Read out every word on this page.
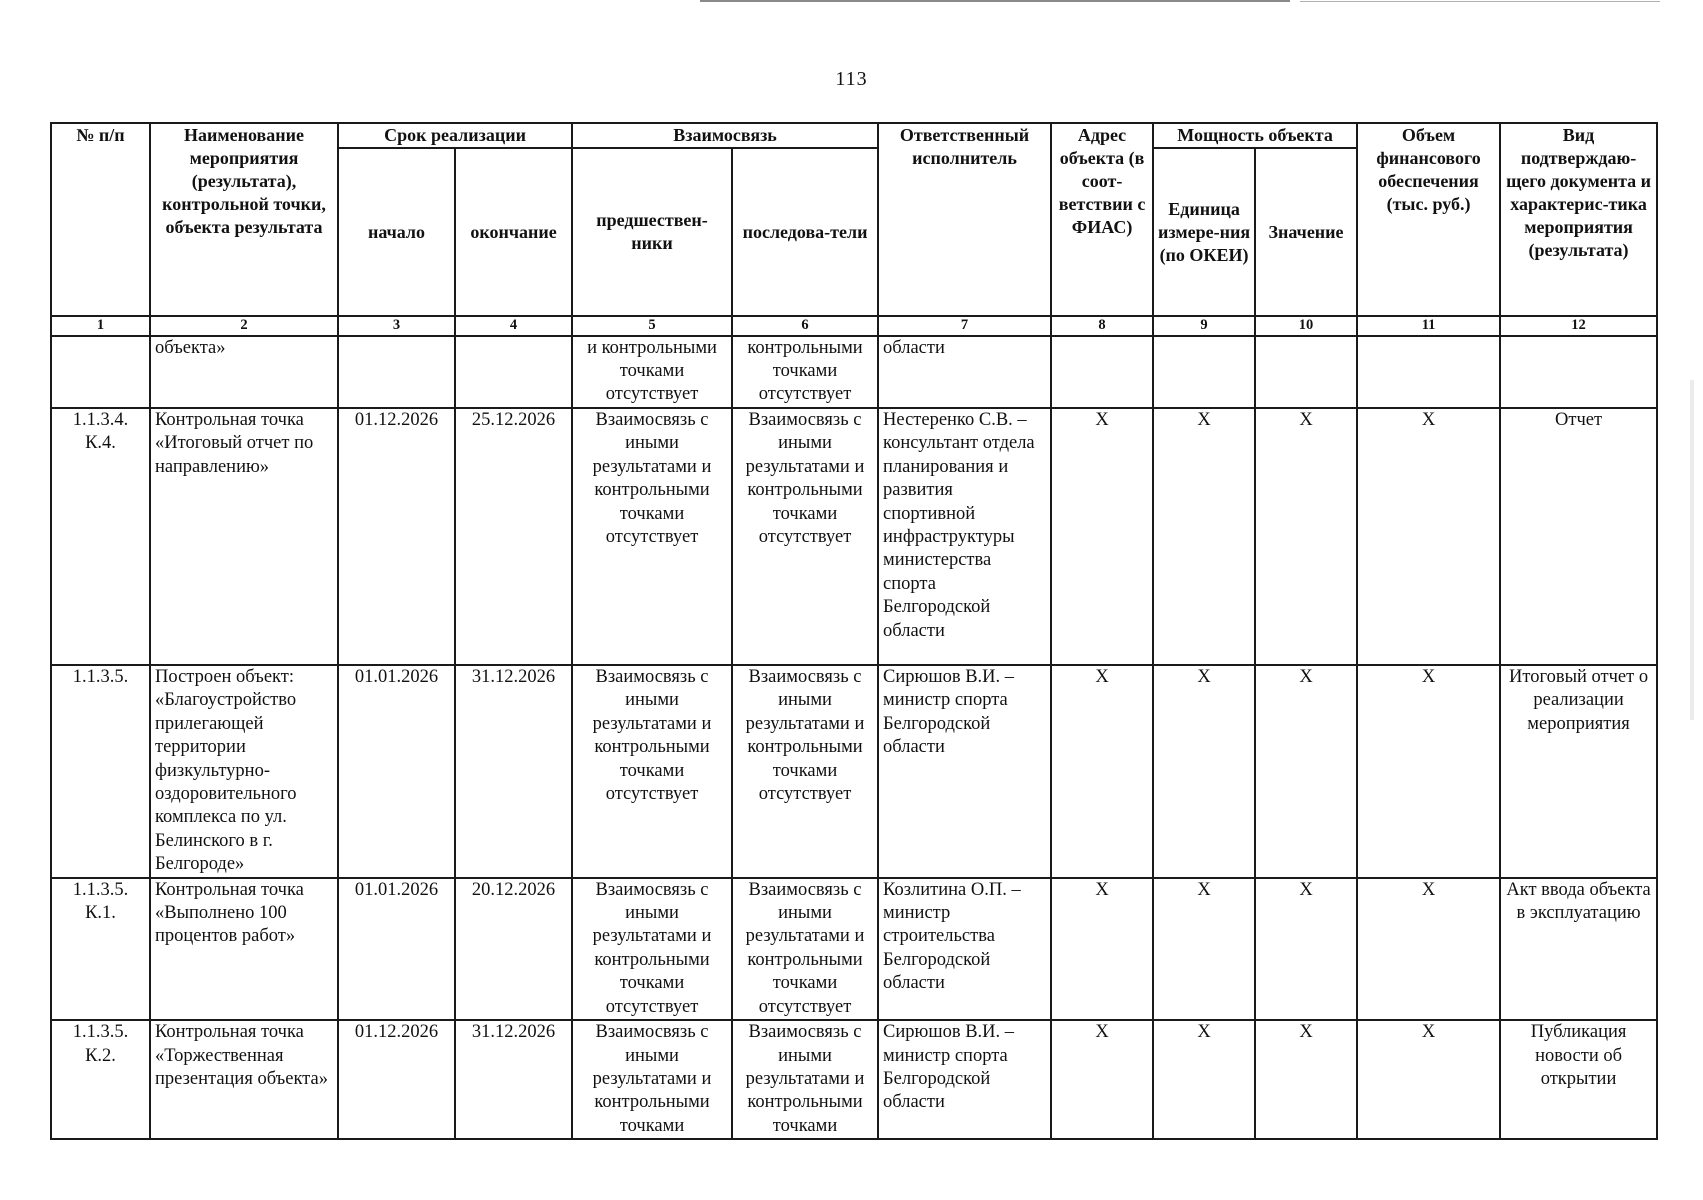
113
№ п/п	Наименование мероприятия (результата), контрольной точки, объекта результата	Срок реализации		Взаимосвязь		Ответственный исполнитель	Адрес объекта (в соот-ветствии с ФИАС)	Мощность объекта		Объем финансового обеспечения (тыс. руб.)	Вид подтверждаю-щего документа и характерис-тика мероприятия (результата)
		начало	окончание	предшествен-ники	последова-тели			Единица измере-ния (по ОКЕИ)	Значение		
1	2	3	4	5	6	7	8	9	10	11	12
	объекта»			и контрольными точками отсутствует	контрольными точками отсутствует	области					
1.1.3.4. К.4.	Контрольная точка «Итоговый отчет по направлению»	01.12.2026	25.12.2026	Взаимосвязь с иными результатами и контрольными точками отсутствует	Взаимосвязь с иными результатами и контрольными точками отсутствует	Нестеренко С.В. – консультант отдела планирования и развития спортивной инфраструктуры министерства спорта Белгородской области	Х	Х	Х	Х	Отчет
1.1.3.5.	Построен объект: «Благоустройство прилегающей территории физкультурно-оздоровительного комплекса по ул. Белинского в г. Белгороде»	01.01.2026	31.12.2026	Взаимосвязь с иными результатами и контрольными точками отсутствует	Взаимосвязь с иными результатами и контрольными точками отсутствует	Сирюшов В.И. – министр спорта Белгородской области	Х	Х	Х	Х	Итоговый отчет о реализации мероприятия
1.1.3.5. К.1.	Контрольная точка «Выполнено 100 процентов работ»	01.01.2026	20.12.2026	Взаимосвязь с иными результатами и контрольными точками отсутствует	Взаимосвязь с иными результатами и контрольными точками отсутствует	Козлитина О.П. – министр строительства Белгородской области	Х	Х	Х	Х	Акт ввода объекта в эксплуатацию
1.1.3.5. К.2.	Контрольная точка «Торжественная презентация объекта»	01.12.2026	31.12.2026	Взаимосвязь с иными результатами и контрольными точками	Взаимосвязь с иными результатами и контрольными точками	Сирюшов В.И. – министр спорта Белгородской области	Х	Х	Х	Х	Публикация новости об открытии
